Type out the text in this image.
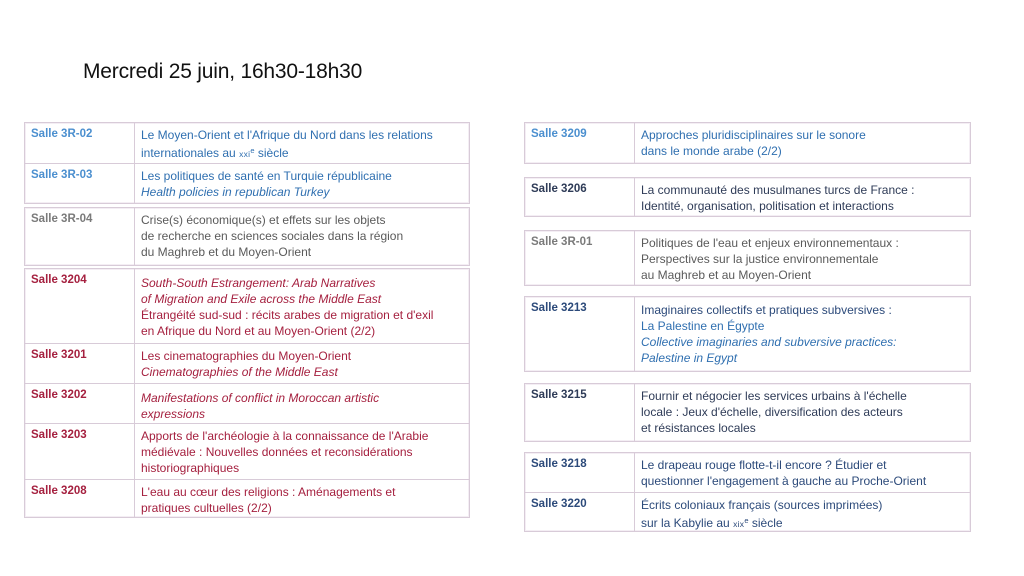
Mercredi 25 juin, 16h30-18h30
Salle 3R-02	Le Moyen-Orient et l'Afrique du Nord dans les relations
internationales au xxi$^e$ siècle
Salle 3R-03	Les politiques de santé en Turquie républicaine
Health policies in republican Turkey
Salle 3R-04	Crise(s) économique(s) et effets sur les objets
de recherche en sciences sociales dans la région
du Maghreb et du Moyen-Orient
Salle 3204	South-South Estrangement: Arab Narratives
of Migration and Exile across the Middle East
Étrangéité sud-sud : récits arabes de migration et d'exil
en Afrique du Nord et au Moyen-Orient (2/2)
Salle 3201	Les cinematographies du Moyen-Orient
Cinematographies of the Middle East
Salle 3202	Manifestations of conflict in Moroccan artistic
expressions
Salle 3203	Apports de l'archéologie à la connaissance de l'Arabie
médiévale : Nouvelles données et reconsidérations
historiographiques
Salle 3208	L'eau au cœur des religions : Aménagements et
pratiques cultuelles (2/2)
Salle 3209	Approches pluridisciplinaires sur le sonore
dans le monde arabe (2/2)
Salle 3206	La communauté des musulmanes turcs de France :
Identité, organisation, politisation et interactions
Salle 3R-01	Politiques de l'eau et enjeux environnementaux :
Perspectives sur la justice environnementale
au Maghreb et au Moyen-Orient
Salle 3213	Imaginaires collectifs et pratiques subversives :
La Palestine en Égypte
Collective imaginaries and subversive practices:
Palestine in Egypt
Salle 3215	Fournir et négocier les services urbains à l'échelle
locale : Jeux d'échelle, diversification des acteurs
et résistances locales
Salle 3218	Le drapeau rouge flotte-t-il encore ? Étudier et
questionner l'engagement à gauche au Proche-Orient
Salle 3220	Écrits coloniaux français (sources imprimées)
sur la Kabylie au xix$^e$ siècle
